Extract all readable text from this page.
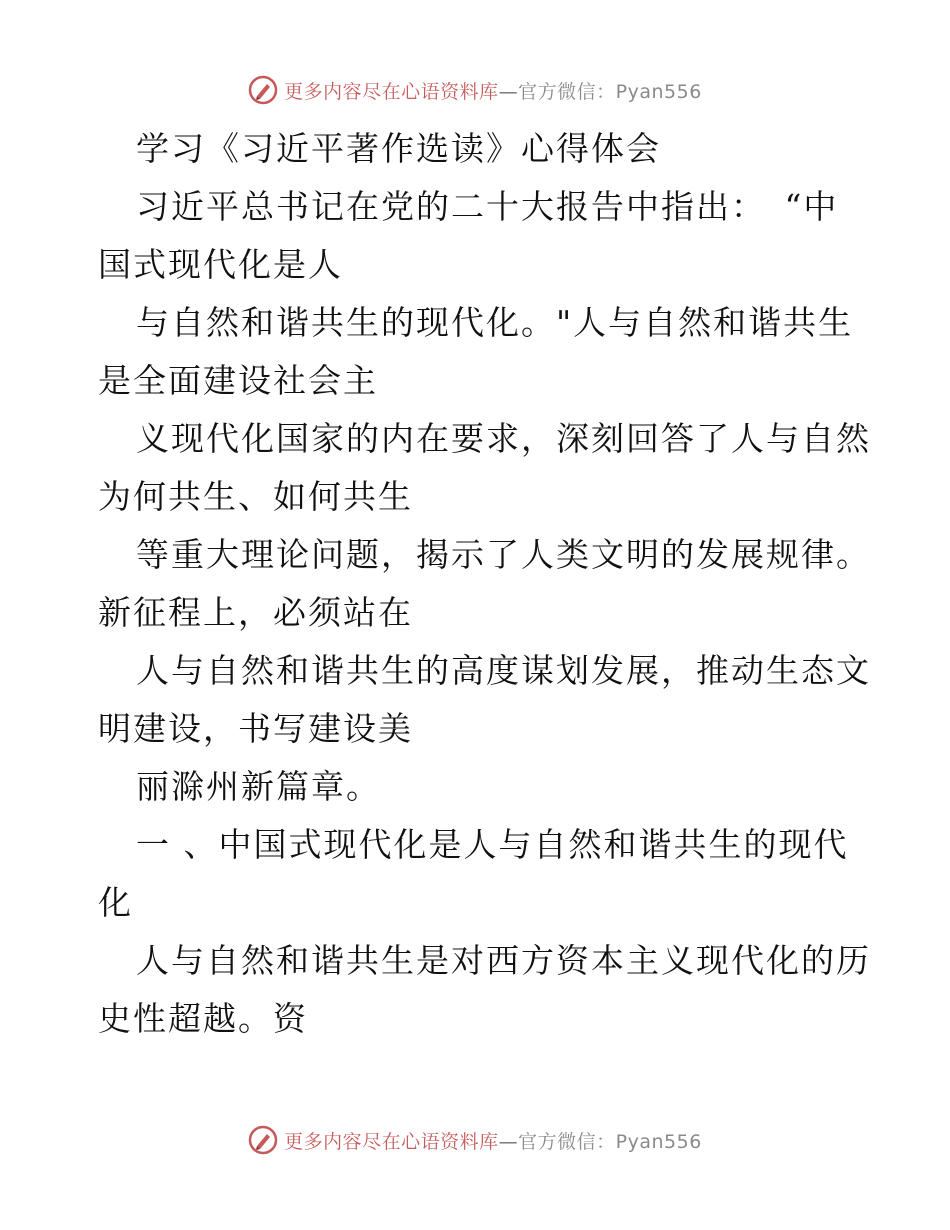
更多内容尽在心语资料库—官方微信：Pyan556
学习《习近平著作选读》心得体会
习近平总书记在党的二十大报告中指出：　“中
国式现代化是人
与自然和谐共生的现代化。"人与自然和谐共生
是全面建设社会主
义现代化国家的内在要求，深刻回答了人与自然
为何共生、如何共生
等重大理论问题，揭示了人类文明的发展规律。
新征程上，必须站在
人与自然和谐共生的高度谋划发展，推动生态文
明建设，书写建设美
丽滁州新篇章。
一 、中国式现代化是人与自然和谐共生的现代
化
人与自然和谐共生是对西方资本主义现代化的历
史性超越。资
更多内容尽在心语资料库—官方微信：Pyan556
